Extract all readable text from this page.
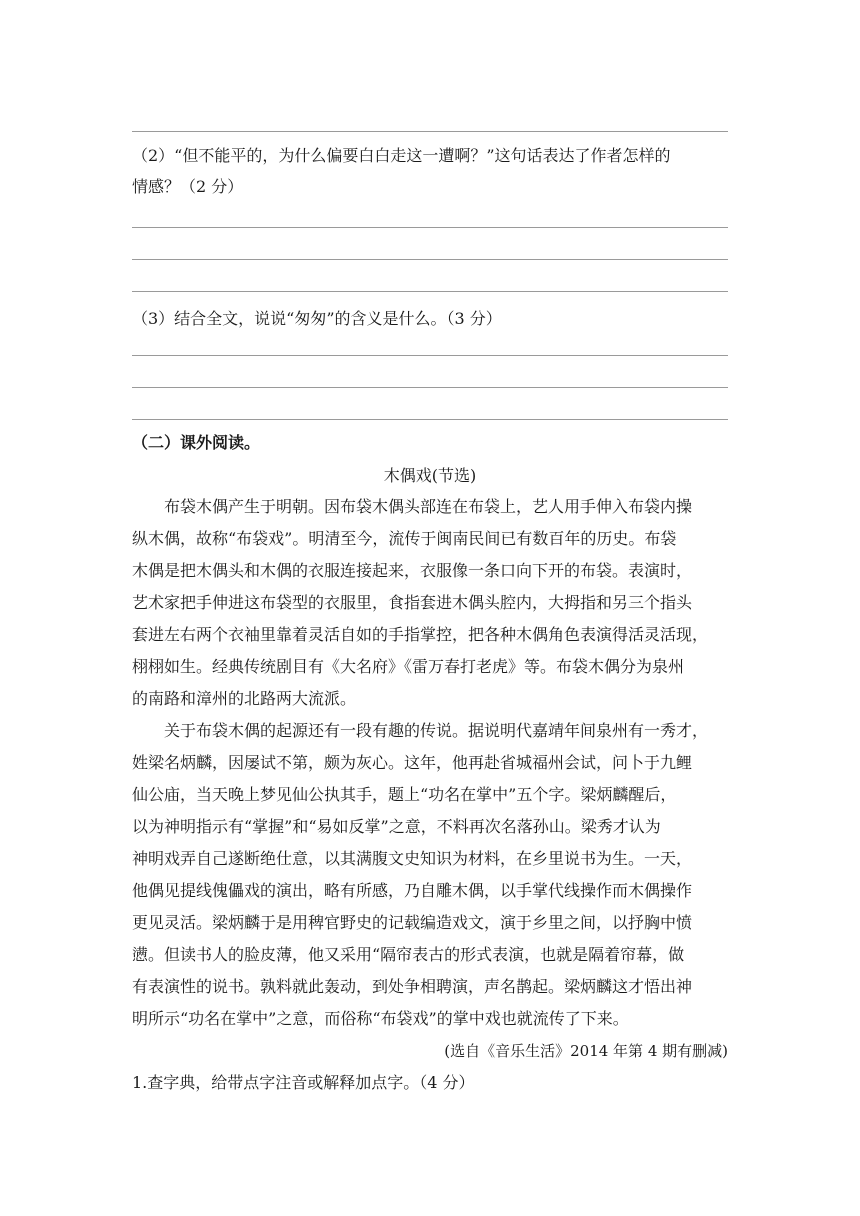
（2）“但不能平的，为什么偏要白白走这一遭啊？”这句话表达了作者怎样的
情感？（2 分）
（3）结合全文，说说“匆匆”的含义是什么。（3 分）
（二）课外阅读。
木偶戏(节选)
布袋木偶产生于明朝。因布袋木偶头部连在布袋上，艺人用手伸入布袋内操
纵木偶，故称“布袋戏”。明清至今，流传于闽南民间已有数百年的历史。布袋
木偶是把木偶头和木偶的衣服连接起来，衣服像一条口向下开的布袋。表演时，
艺术家把手伸进这布袋型的衣服里，食指套进木偶头腔内，大拇指和另三个指头
套进左右两个衣袖里靠着灵活自如的手指掌控，把各种木偶角色表演得活灵活现，
栩栩如生。经典传统剧目有《大名府》《雷万春打老虎》等。布袋木偶分为泉州
的南路和漳州的北路两大流派。
关于布袋木偶的起源还有一段有趣的传说。据说明代嘉靖年间泉州有一秀才，
姓梁名炳麟，因屡试不第，颇为灰心。这年，他再赴省城福州会试，问卜于九鲤
仙公庙，当天晚上梦见仙公执其手，题上“功名在掌中”五个字。梁炳麟醒后，
以为神明指示有“掌握”和“易如反掌”之意，不料再次名落孙山。梁秀才认为
神明戏弄自己遂断绝仕意，以其满腹文史知识为材料，在乡里说书为生。一天，
他偶见提线傀儡戏的演出，略有所感，乃自雕木偶，以手掌代线操作而木偶操作
更见灵活。梁炳麟于是用稗官野史的记载编造戏文，演于乡里之间，以抒胸中愤
懑。但读书人的脸皮薄，他又采用“隔帘表古的形式表演，也就是隔着帘幕，做
有表演性的说书。孰料就此轰动，到处争相聘演，声名鹊起。梁炳麟这才悟出神
明所示“功名在掌中”之意，而俗称“布袋戏”的掌中戏也就流传了下来。
(选自《音乐生活》2014 年第 4 期有删减)
1.查字典，给带点字注音或解释加点字。（4 分）
